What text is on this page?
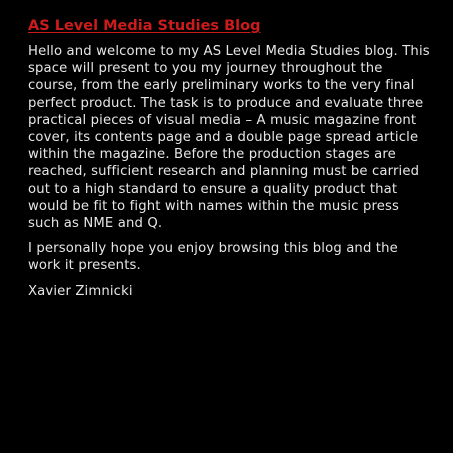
AS Level Media Studies Blog

Hello and welcome to my AS Level Media Studies blog. This space will present to you my journey throughout the course, from the early preliminary works to the very final perfect product. The task is to produce and evaluate three practical pieces of visual media – A music magazine front cover, its contents page and a double page spread article within the magazine. Before the production stages are reached, sufficient research and planning must be carried out to a high standard to ensure a quality product that would be fit to fight with names within the music press such as NME and Q.

I personally hope you enjoy browsing this blog and the work it presents.

Xavier Zimnicki
